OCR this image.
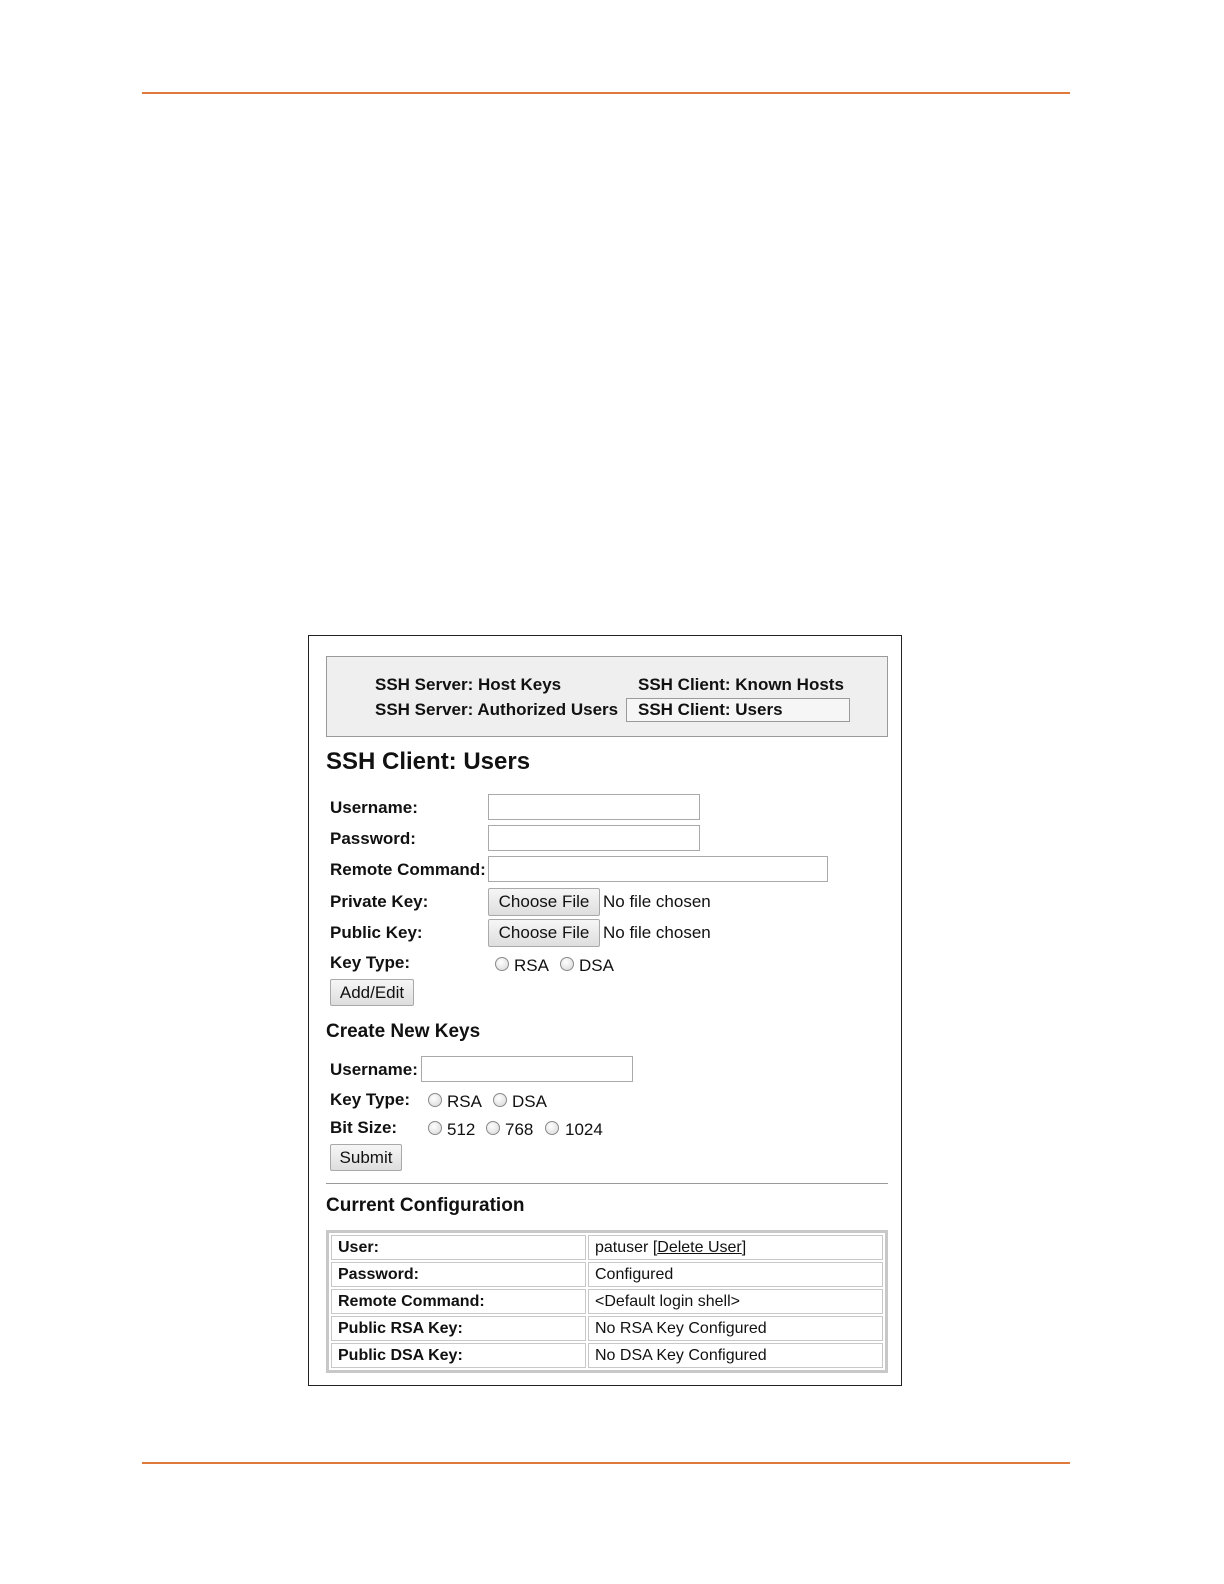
SSH Server: Host Keys
SSH Server: Authorized Users
SSH Client: Known Hosts
SSH Client: Users
SSH Client: Users
Username:
Password:
Remote Command:
Private Key:	Choose File No file chosen
Public Key:	Choose File No file chosen
Key Type:	RSA DSA
Add/Edit
Create New Keys
Username:
Key Type: RSA DSA
Bit Size:	512 768 1024
Submit
Current Configuration
User:	patuser [Delete User]
Password:	Configured
Remote Command:	<Default login shell>
Public RSA Key:	No RSA Key Configured
Public DSA Key:	No DSA Key Configured
